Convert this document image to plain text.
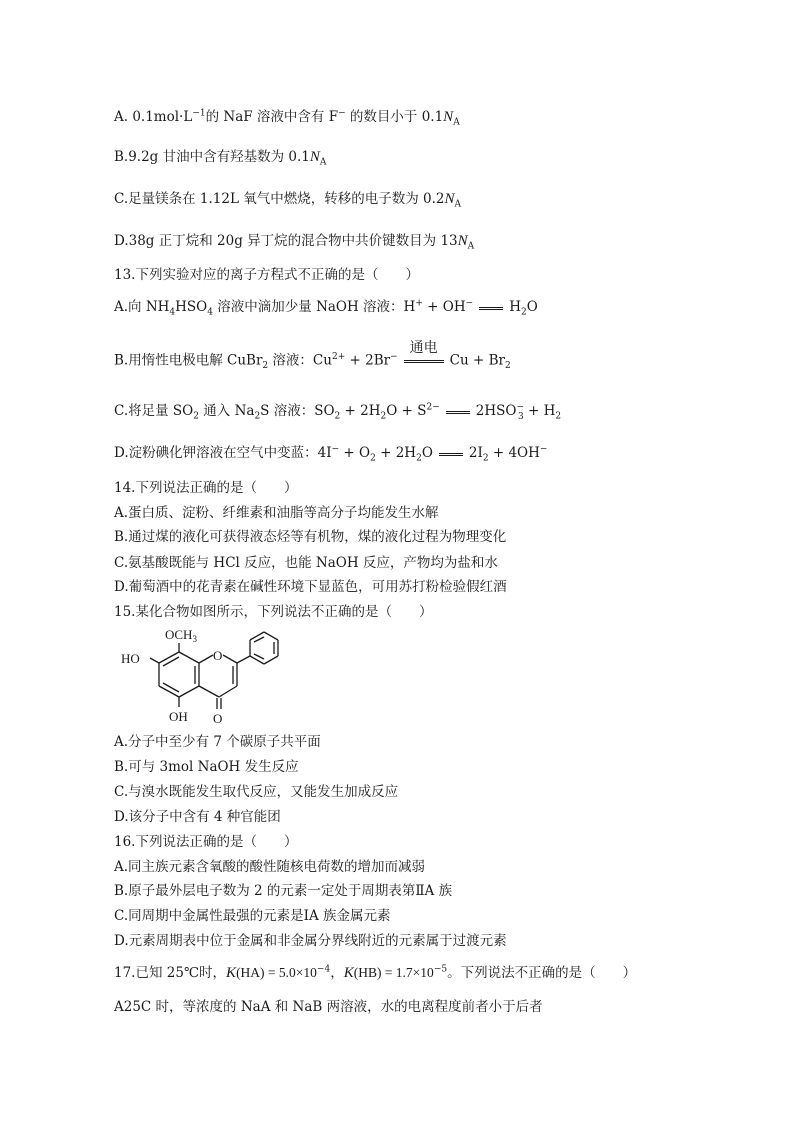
A. $0.1mol\cdot L^{-1}$的 NaF 溶液中含有 F− 的数目小于 $0.1N_A$
B.9.2g 甘油中含有羟基数为 $0.1N_A$
C.足量镁条在 1.12L 氧气中燃烧，转移的电子数为 $0.2N_A$
D.38g 正丁烷和 20g 异丁烷的混合物中共价键数目为 $13N_A$
13.下列实验对应的离子方程式不正确的是（　　）
A.向 $NH_4HSO_4$ 溶液中滴加少量 NaOH 溶液：H+ + OH−	$H_2O$
B.用惰性电极电解 CuBr$_2$ 溶液：$Cu^{2+} + 2Br^-$
通电
$Cu + Br_2$
C.将足量 $SO_2$ 通入 $Na_2S$ 溶液：$SO_2 + 2H_2O + S^{2-}$	$2HSO^-_3 + H_2$
D.淀粉碘化钾溶液在空气中变蓝：$4I^- + O_2 + 2H_2O$	$2I_2 + 4OH^-$
14.下列说法正确的是（　　）
A.蛋白质、淀粉、纤维素和油脂等高分子均能发生水解
B.通过煤的液化可获得液态烃等有机物，煤的液化过程为物理变化
C.氨基酸既能与 HCl 反应，也能 NaOH 反应，产物均为盐和水
D.葡萄酒中的花青素在碱性环境下显蓝色，可用苏打粉检验假红酒
15.某化合物如图所示，下列说法不正确的是（　　）
$OCH_3$
HO	O
OH O
A.分子中至少有 7 个碳原子共平面
B.可与 3mol NaOH 发生反应
C.与溴水既能发生取代反应，又能发生加成反应
D.该分子中含有 4 种官能团
16.下列说法正确的是（　　）
A.同主族元素含氧酸的酸性随核电荷数的增加而减弱
B.原子最外层电子数为 2 的元素一定处于周期表第ⅡA 族
C.同周期中金属性最强的元素是ⅠA 族金属元素
D.元素周期表中位于金属和非金属分界线附近的元素属于过渡元素
17.已知 25℃时，$K(HA) = 5.0\times 10^{-4}$，$K(HB) = 1.7\times 10^{-5}$。下列说法不正确的是（　　）
A25C 时，等浓度的 NaA 和 NaB 两溶液，水的电离程度前者小于后者
